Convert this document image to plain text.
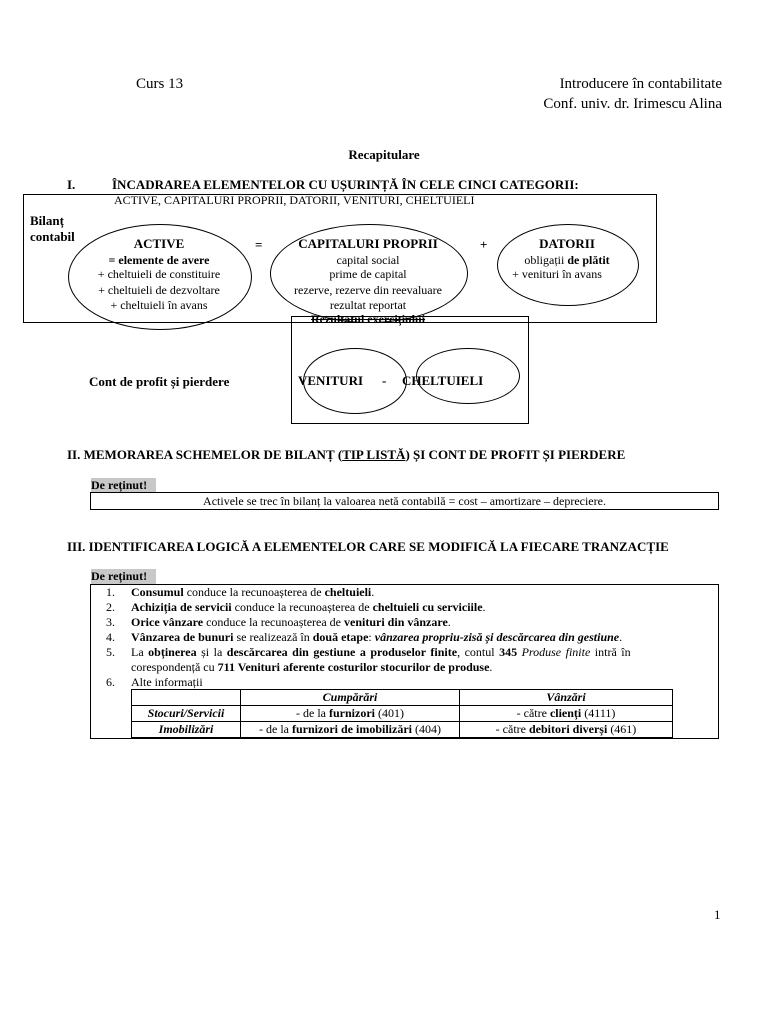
Curs 13	Introducere în contabilitate
Conf. univ. dr. Irimescu Alina
Recapitulare
I.	ÎNCADRAREA ELEMENTELOR CU UȘURINȚĂ ÎN CELE CINCI CATEGORII:
ACTIVE, CAPITALURI PROPRII, DATORII, VENITURI, CHELTUIELI
Bilanț
contabil	ACTIVE
= elemente de avere
+ cheltuieli de constituire
+ cheltuieli de dezvoltare
+ cheltuieli în avans
=	CAPITALURI PROPRII
capital social
prime de capital
rezerve, rezerve din reevaluare
rezultat reportat
Rezultatul exercițiului
+	DATORII
obligații de plătit
+ venituri în avans
Cont de profit și pierdere	VENITURI - CHELTUIELI
II. MEMORAREA SCHEMELOR DE BILANȚ (TIP LISTĂ) ȘI CONT DE PROFIT ȘI PIERDERE
De reținut!
Activele se trec în bilanț la valoarea netă contabilă = cost – amortizare – depreciere.
III. IDENTIFICAREA LOGICĂ A ELEMENTELOR CARE SE MODIFICĂ LA FIECARE TRANZACȚIE
De reținut!
1. Consumul conduce la recunoașterea de cheltuieli.
2. Achiziția de servicii conduce la recunoașterea de cheltuieli cu serviciile.
3. Orice vânzare conduce la recunoașterea de venituri din vânzare.
4. Vânzarea de bunuri se realizează în două etape: vânzarea propriu-zisă și descărcarea din gestiune.
5. La obținerea și la descărcarea din gestiune a produselor finite, contul 345 Produse finite intră în
corespondență cu 711 Venituri aferente costurilor stocurilor de produse.
6. Alte informații
	Cumpărări	Vânzări
Stocuri/Servicii	- de la furnizori (401)	- către clienți (4111)
Imobilizări	- de la furnizori de imobilizări (404)	- către debitori diverși (461)
1
